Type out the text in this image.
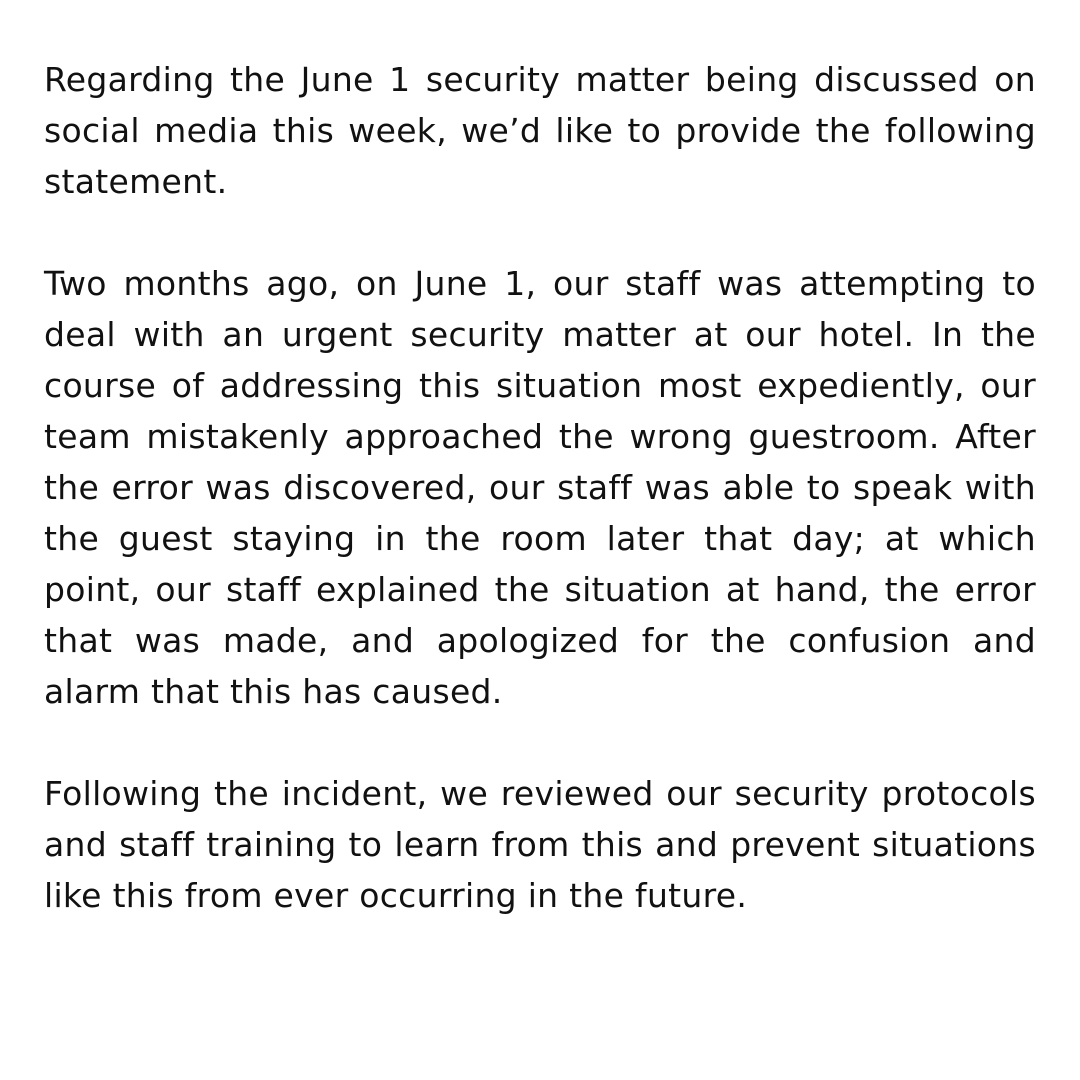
Regarding the June 1 security matter being discussed on social media this week, we’d like to provide the following statement.

Two months ago, on June 1, our staff was attempting to deal with an urgent security matter at our hotel. In the course of addressing this situation most expediently, our team mistakenly approached the wrong guestroom. After the error was discovered, our staff was able to speak with the guest staying in the room later that day; at which point, our staff explained the situation at hand, the error that was made, and apologized for the confusion and alarm that this has caused.

Following the incident, we reviewed our security protocols and staff training to learn from this and prevent situations like this from ever occurring in the future.
